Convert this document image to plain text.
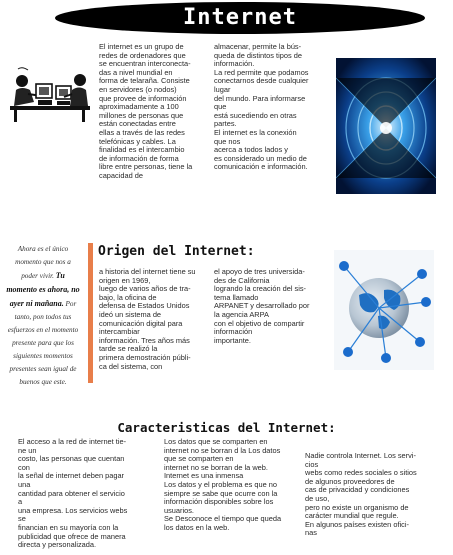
Internet
El internet es un grupo de
redes de ordenadores que
se encuentran interconecta-
das a nivel mundial en
forma de telaraña. Consiste
en servidores (o nodos)
que provee de información
aproximadamente a 100
millones de personas que
están conectadas entre
ellas a través de las redes
telefónicas y cables. La
finalidad es el intercambio
de información de forma
libre entre personas, tiene la
capacidad de
almacenar, permite la bús-
queda de distintos tipos de
información.
La red permite que podamos
conectarnos desde cualquier
lugar
del mundo. Para informarse
que
está sucediendo en otras
partes.
El internet es la conexión
que nos
acerca a todos lados y
es considerado un medio de
comunicación e información.
Ahora es el único momento que nos a poder vivir. Tu momento es ahora, no ayer ni mañana. Por tanto, pon todos tus esfuerzos en el momento presente para que los siguientes momentos presentes sean igual de buenos que este.
Origen del Internet:
a historia del internet tiene su
origen en 1969,
luego de varios años de tra-
bajo, la oficina de
defensa de Estados Unidos
ideó un sistema de
comunicación digital para
intercambiar
información. Tres años más
tarde se realizó la
primera demostración públi-
ca del sistema, con
el apoyo de tres universida-
des de California
logrando la creación del sis-
tema llamado
ARPANET y desarrollado por
la agencia ARPA
con el objetivo de compartir
información
importante.
Caracteristicas del Internet:
El acceso a la red de internet tie-
ne un
costo, las personas que cuentan
con
la señal de internet deben pagar
una
cantidad para obtener el servicio
a
una empresa. Los servicios webs
se
financian en su mayoría con la
publicidad que ofrece de manera
directa y personalizada.
Los datos que se comparten en
internet no se borran d la Los datos
que se comparten en
internet no se borran de la web.
Internet es una inmensa
Los datos y el problema es que no
siempre se sabe que ocurre con la
información disponibles sobre los
usuarios.
Se Desconoce el tiempo que queda
los datos en la web.
Nadie controla Internet. Los servi-
cios
webs como redes sociales o sitios
de algunos proveedores de
cas de privacidad y condiciones
de uso,
pero no existe un organismo de
carácter mundial que regule.
En algunos países existen ofici-
nas
